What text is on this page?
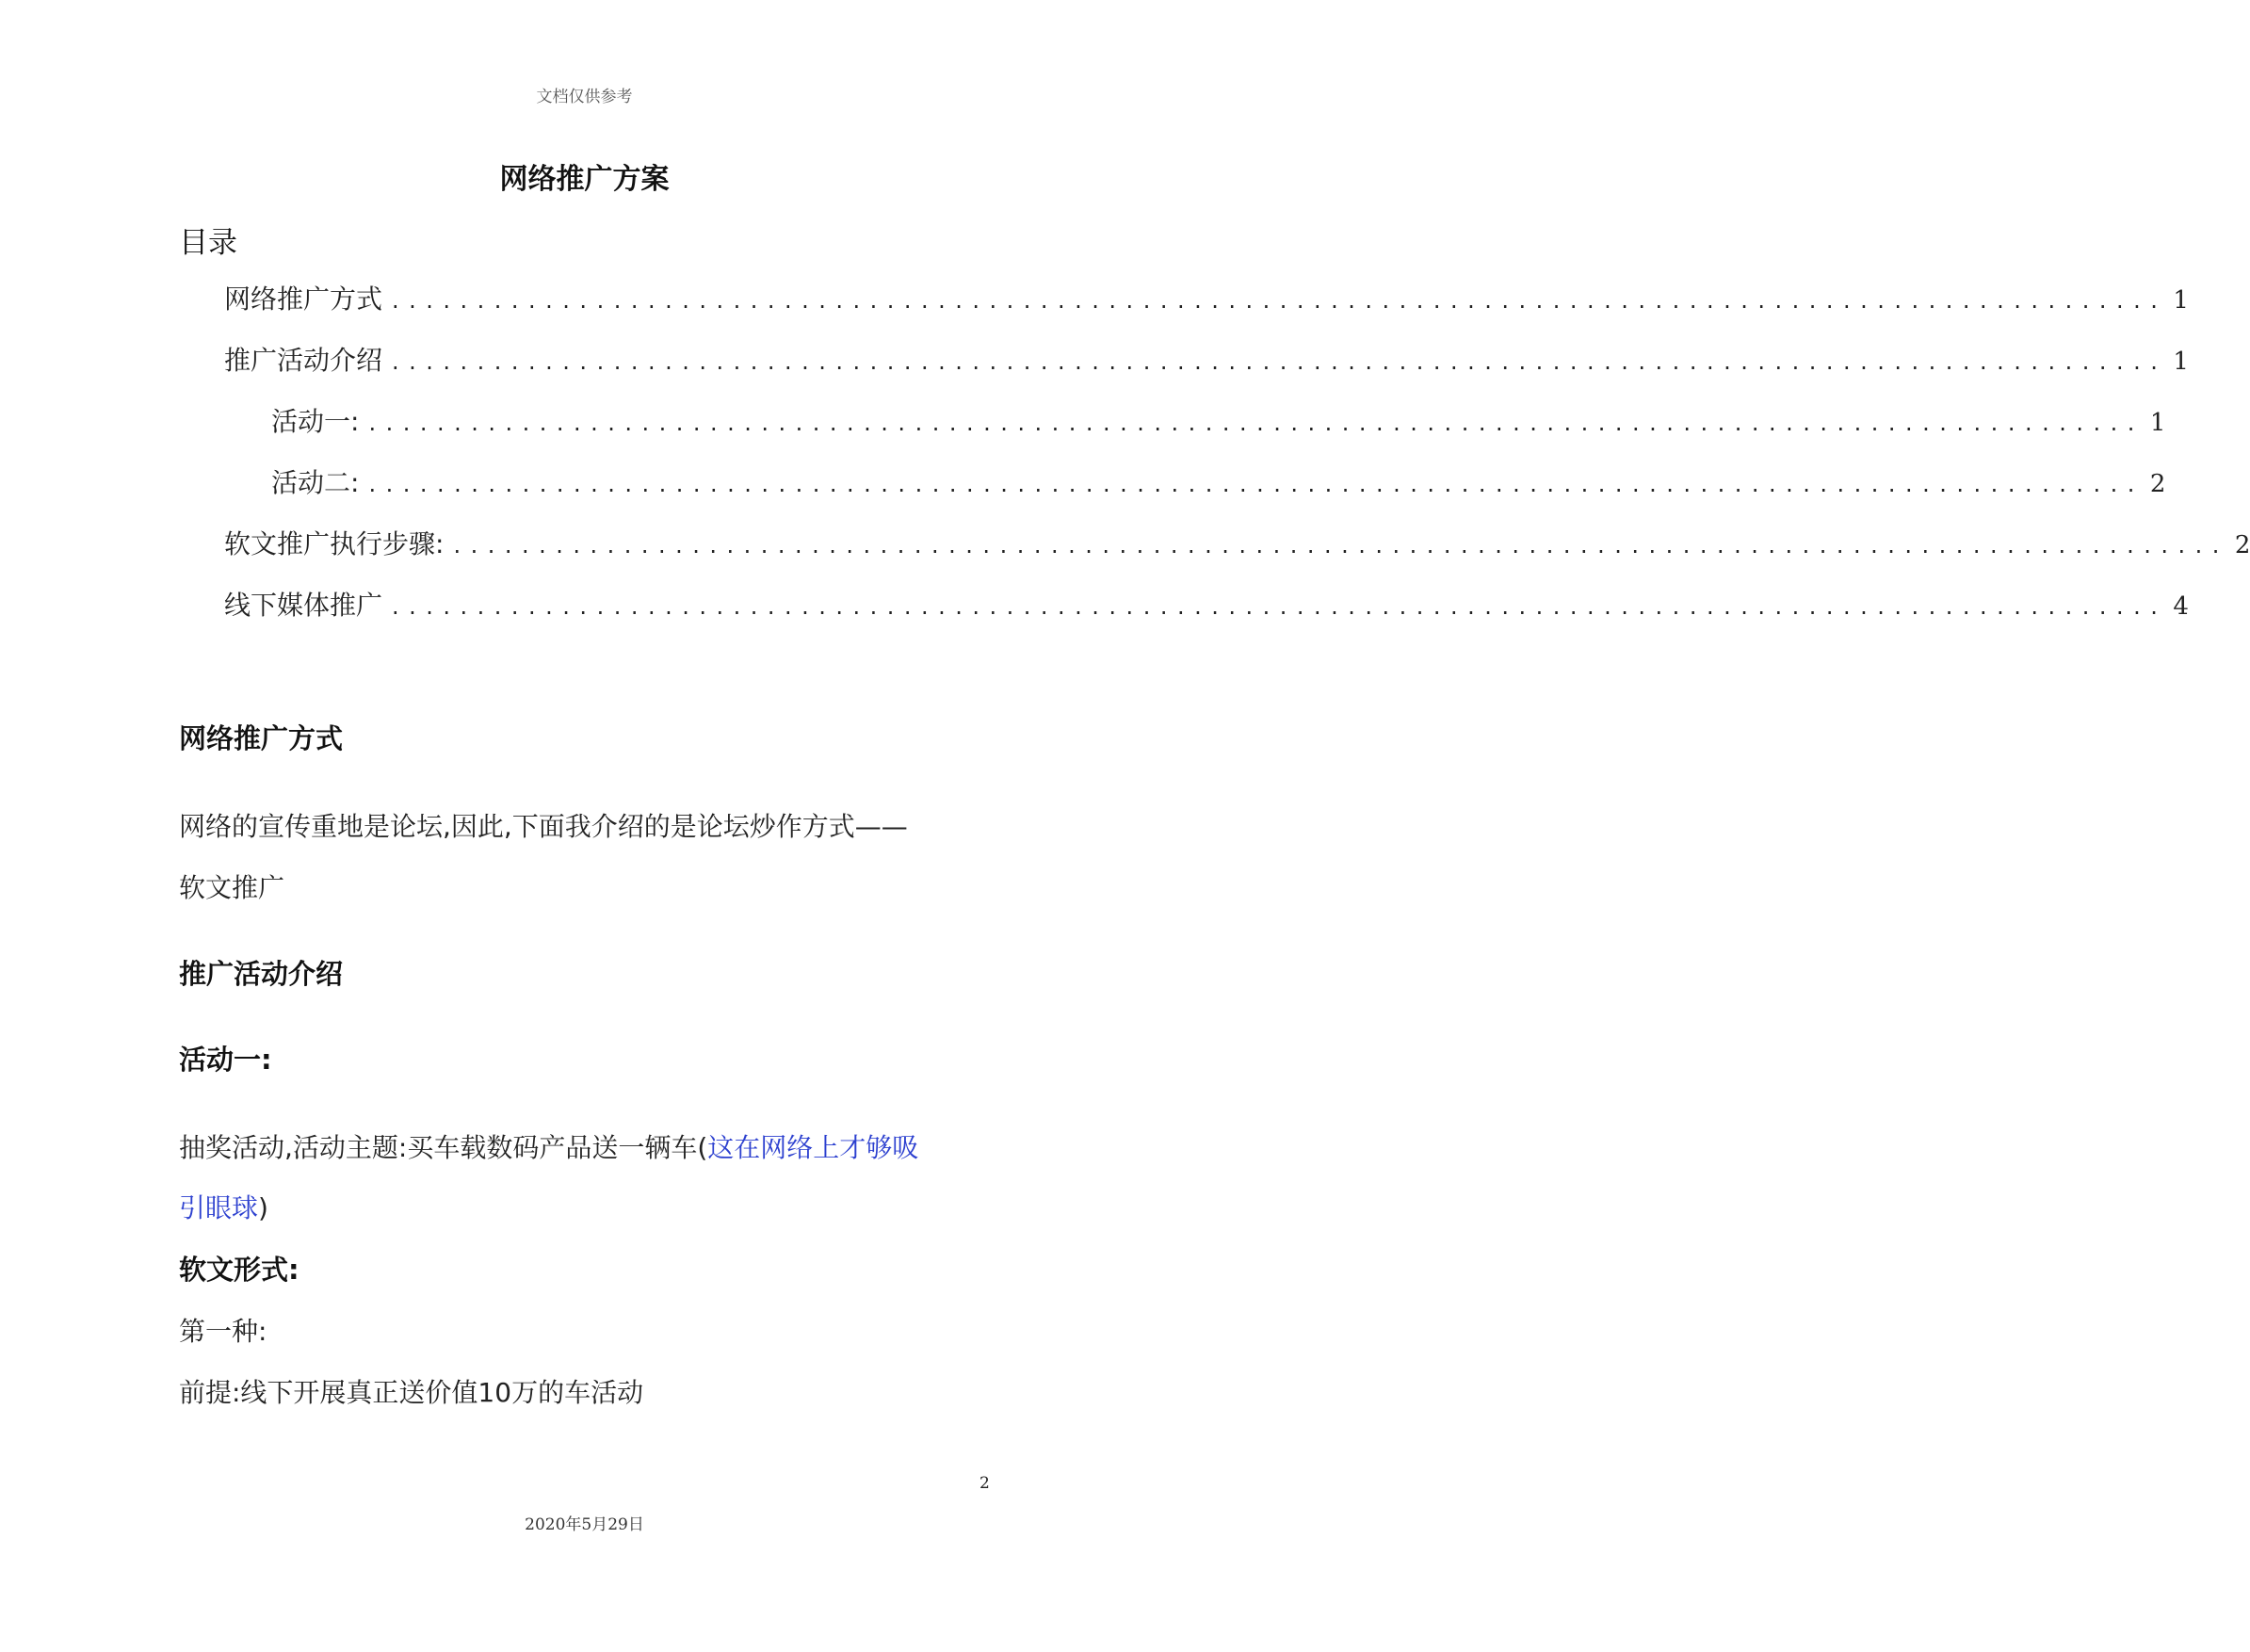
文档仅供参考
网络推广方案
目录
网络推广方式 ........................................................................................................ 1
推广活动介绍 ........................................................................................................ 1
活动一: ........................................................................................................ 1
活动二: ........................................................................................................ 2
软文推广执行步骤: ........................................................................................................ 2
线下媒体推广 ........................................................................................................ 4
网络推广方式
网络的宣传重地是论坛,因此,下面我介绍的是论坛炒作方式——
软文推广
推广活动介绍
活动一:
抽奖活动,活动主题:买车载数码产品送一辆车(这在网络上才够吸
引眼球)
软文形式:
第一种:
前提:线下开展真正送价值10万的车活动
2
2020年5月29日
